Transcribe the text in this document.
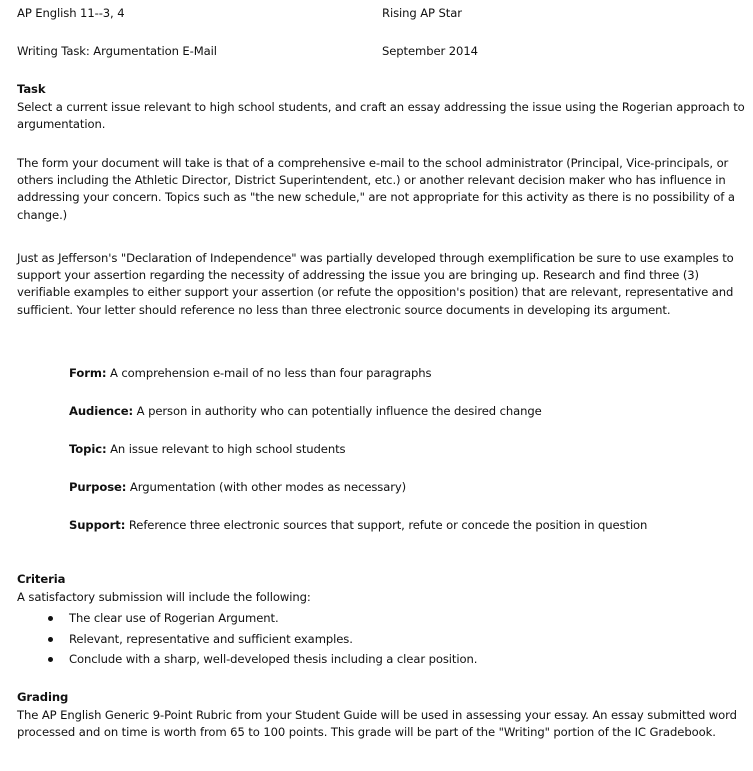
AP English 11--3, 4	Rising AP Star
Writing Task: Argumentation E-Mail	September 2014
Task
Select a current issue relevant to high school students, and craft an essay addressing the issue using the Rogerian approach to argumentation.
The form your document will take is that of a comprehensive e-mail to the school administrator (Principal, Vice-principals, or others including the Athletic Director, District Superintendent, etc.) or another relevant decision maker who has influence in addressing your concern. Topics such as "the new schedule," are not appropriate for this activity as there is no possibility of a change.)
Just as Jefferson's "Declaration of Independence" was partially developed through exemplification be sure to use examples to support your assertion regarding the necessity of addressing the issue you are bringing up. Research and find three (3) verifiable examples to either support your assertion (or refute the opposition's position) that are relevant, representative and sufficient. Your letter should reference no less than three electronic source documents in developing its argument.
Form: A comprehension e-mail of no less than four paragraphs
Audience: A person in authority who can potentially influence the desired change
Topic: An issue relevant to high school students
Purpose: Argumentation (with other modes as necessary)
Support: Reference three electronic sources that support, refute or concede the position in question
Criteria
A satisfactory submission will include the following:
The clear use of Rogerian Argument.
Relevant, representative and sufficient examples.
Conclude with a sharp, well-developed thesis including a clear position.
Grading
The AP English Generic 9-Point Rubric from your Student Guide will be used in assessing your essay. An essay submitted word processed and on time is worth from 65 to 100 points. This grade will be part of the "Writing" portion of the IC Gradebook.
